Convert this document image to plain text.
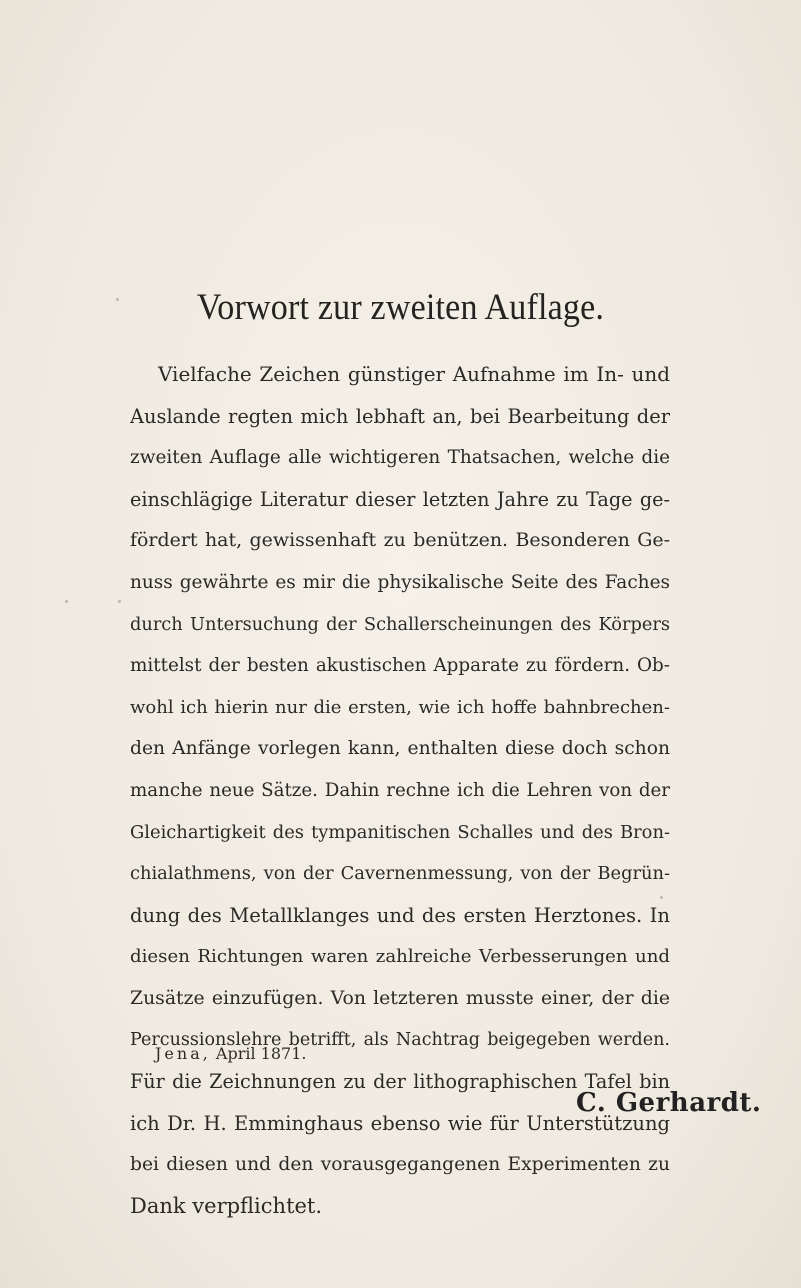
Vorwort zur zweiten Auflage.
Vielfache Zeichen günstiger Aufnahme im In- und
Auslande regten mich lebhaft an, bei Bearbeitung der
zweiten Auflage alle wichtigeren Thatsachen, welche die
einschlägige Literatur dieser letzten Jahre zu Tage ge-
fördert hat, gewissenhaft zu benützen. Besonderen Ge-
nuss gewährte es mir die physikalische Seite des Faches
durch Untersuchung der Schallerscheinungen des Körpers
mittelst der besten akustischen Apparate zu fördern. Ob-
wohl ich hierin nur die ersten, wie ich hoffe bahnbrechen-
den Anfänge vorlegen kann, enthalten diese doch schon
manche neue Sätze. Dahin rechne ich die Lehren von der
Gleichartigkeit des tympanitischen Schalles und des Bron-
chialathmens, von der Cavernenmessung, von der Begrün-
dung des Metallklanges und des ersten Herztones. In
diesen Richtungen waren zahlreiche Verbesserungen und
Zusätze einzufügen. Von letzteren musste einer, der die
Percussionslehre betrifft, als Nachtrag beigegeben werden.
Für die Zeichnungen zu der lithographischen Tafel bin
ich Dr. H. Emminghaus ebenso wie für Unterstützung
bei diesen und den vorausgegangenen Experimenten zu
Dank verpflichtet.
Jena, April 1871.
C. Gerhardt.
